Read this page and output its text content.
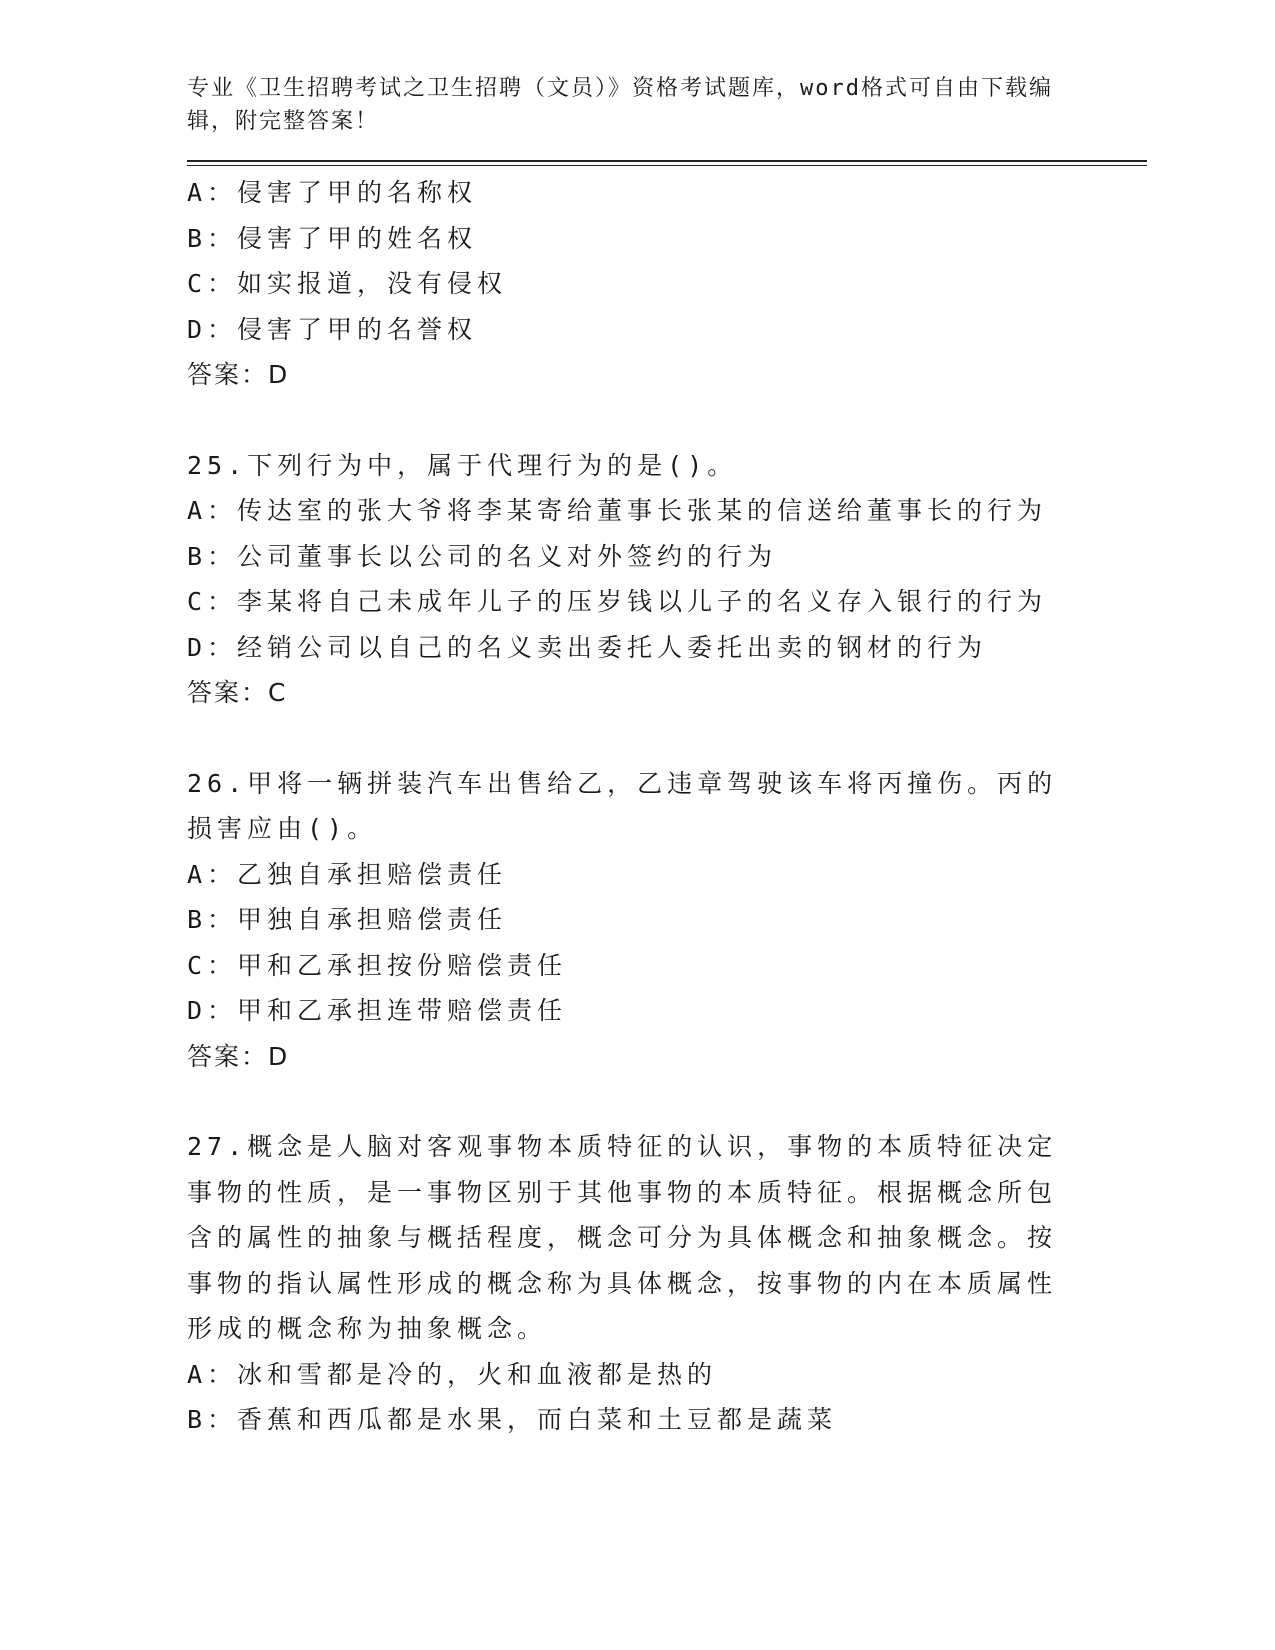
专业《卫生招聘考试之卫生招聘（文员）》资格考试题库，word格式可自由下载编辑，附完整答案！
A：侵害了甲的名称权
B：侵害了甲的姓名权
C：如实报道，没有侵权
D：侵害了甲的名誉权
答案：D
25.下列行为中，属于代理行为的是()。
A：传达室的张大爷将李某寄给董事长张某的信送给董事长的行为
B：公司董事长以公司的名义对外签约的行为
C：李某将自己未成年儿子的压岁钱以儿子的名义存入银行的行为
D：经销公司以自己的名义卖出委托人委托出卖的钢材的行为
答案：C
26.甲将一辆拼装汽车出售给乙，乙违章驾驶该车将丙撞伤。丙的损害应由()。
A：乙独自承担赔偿责任
B：甲独自承担赔偿责任
C：甲和乙承担按份赔偿责任
D：甲和乙承担连带赔偿责任
答案：D
27.概念是人脑对客观事物本质特征的认识，事物的本质特征决定事物的性质，是一事物区别于其他事物的本质特征。根据概念所包含的属性的抽象与概括程度，概念可分为具体概念和抽象概念。按事物的指认属性形成的概念称为具体概念，按事物的内在本质属性形成的概念称为抽象概念。
A：冰和雪都是冷的，火和血液都是热的
B：香蕉和西瓜都是水果，而白菜和土豆都是蔬菜
